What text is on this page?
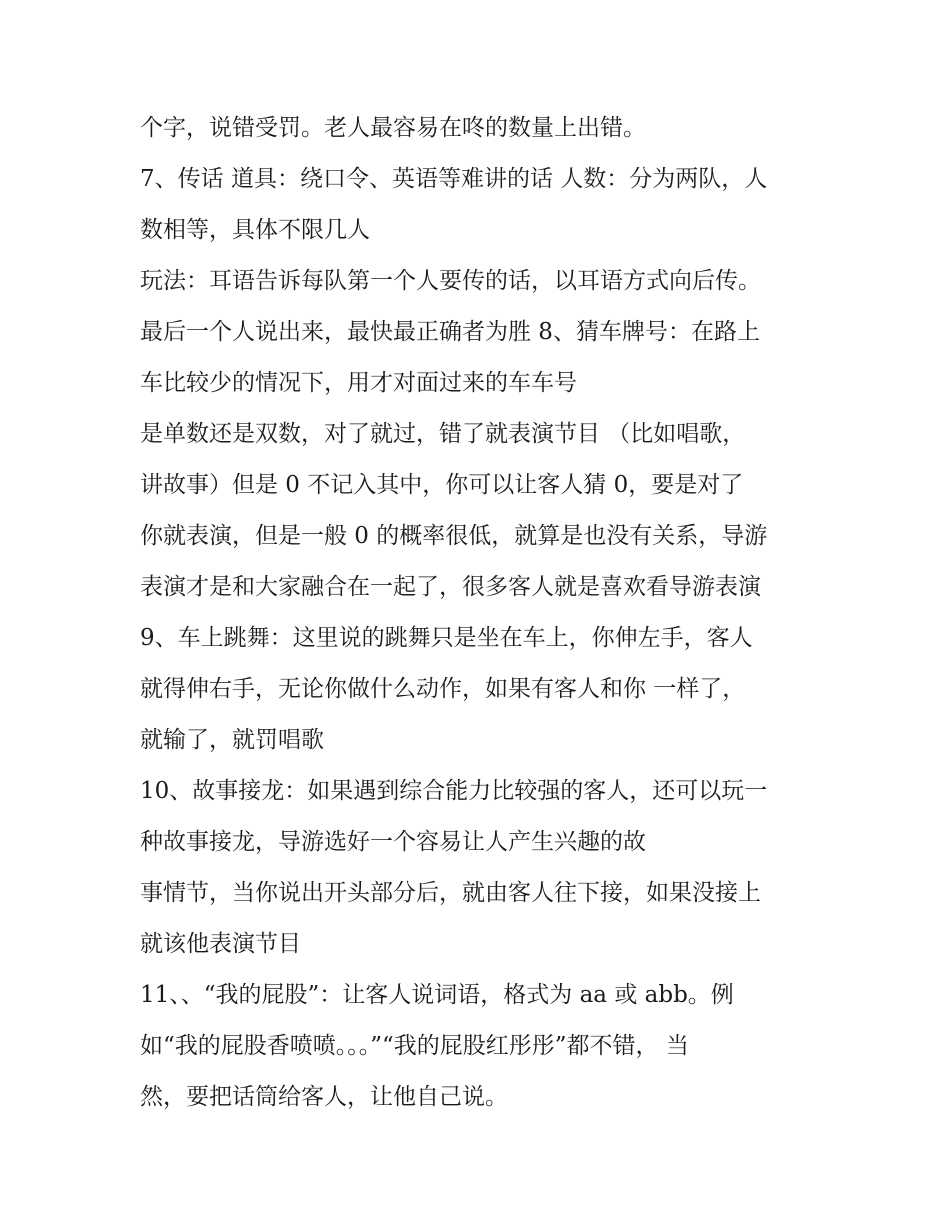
个字，说错受罚。老人最容易在咚的数量上出错。
7、传话 道具：绕口令、英语等难讲的话 人数：分为两队，人
数相等，具体不限几人
玩法：耳语告诉每队第一个人要传的话，以耳语方式向后传。
最后一个人说出来，最快最正确者为胜 8、猜车牌号：在路上
车比较少的情况下，用才对面过来的车车号
是单数还是双数，对了就过，错了就表演节目 （比如唱歌，
讲故事）但是 0 不记入其中，你可以让客人猜 0，要是对了
你就表演，但是一般 0 的概率很低，就算是也没有关系，导游
表演才是和大家融合在一起了，很多客人就是喜欢看导游表演
9、车上跳舞：这里说的跳舞只是坐在车上，你伸左手，客人
就得伸右手，无论你做什么动作，如果有客人和你 一样了，
就输了，就罚唱歌
10、故事接龙：如果遇到综合能力比较强的客人，还可以玩一
种故事接龙，导游选好一个容易让人产生兴趣的故
事情节，当你说出开头部分后，就由客人往下接，如果没接上
就该他表演节目
11、、“我的屁股”：让客人说词语，格式为 aa 或 abb。例
如“我的屁股香喷喷。。。”“我的屁股红彤彤”都不错， 当
然，要把话筒给客人，让他自己说。
